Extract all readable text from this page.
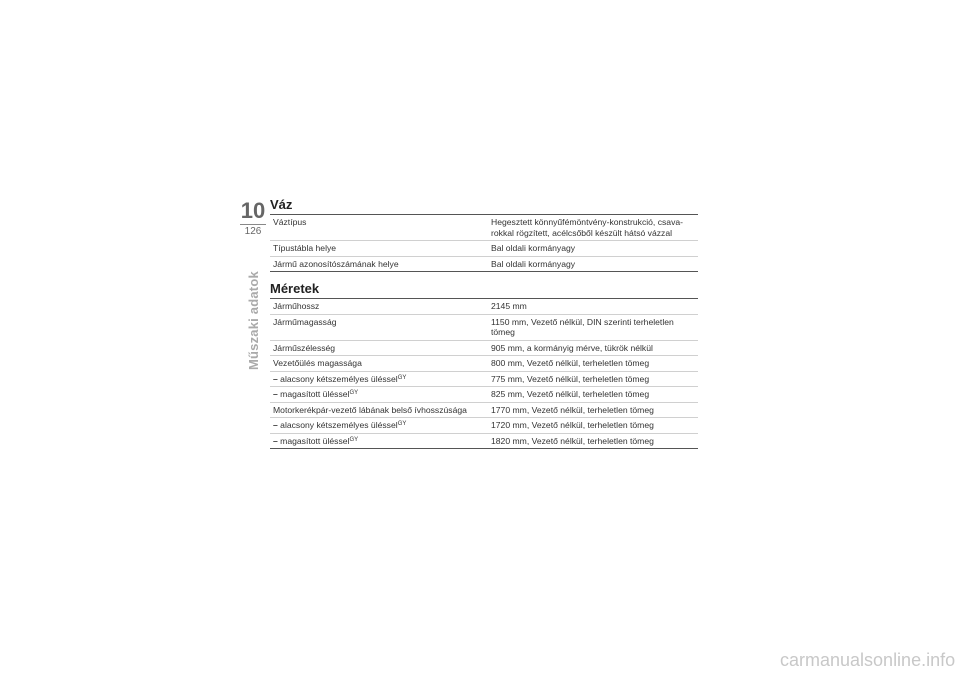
10
126
Műszaki adatok
Váz
Váztípus	Hegesztett könnyűfémöntvény-konstrukció, csava-rokkal rögzített, acélcsőből készült hátsó vázzal
Típustábla helye	Bal oldali kormányagy
Jármű azonosítószámának helye	Bal oldali kormányagy
Méretek
Járműhossz	2145 mm
Járműmagasság	1150 mm, Vezető nélkül, DIN szerinti terheletlen tömeg
Járműszélesség	905 mm, a kormányig mérve, tükrök nélkül
Vezetőülés magassága	800 mm, Vezető nélkül, terheletlen tömeg
– alacsony kétszemélyes üléssel$^{GY}$	775 mm, Vezető nélkül, terheletlen tömeg
– magasított üléssel$^{GY}$	825 mm, Vezető nélkül, terheletlen tömeg
Motorkerékpár-vezető lábának belső ívhosszúsága	1770 mm, Vezető nélkül, terheletlen tömeg
– alacsony kétszemélyes üléssel$^{GY}$	1720 mm, Vezető nélkül, terheletlen tömeg
– magasított üléssel$^{GY}$	1820 mm, Vezető nélkül, terheletlen tömeg
carmanualsonline.info
